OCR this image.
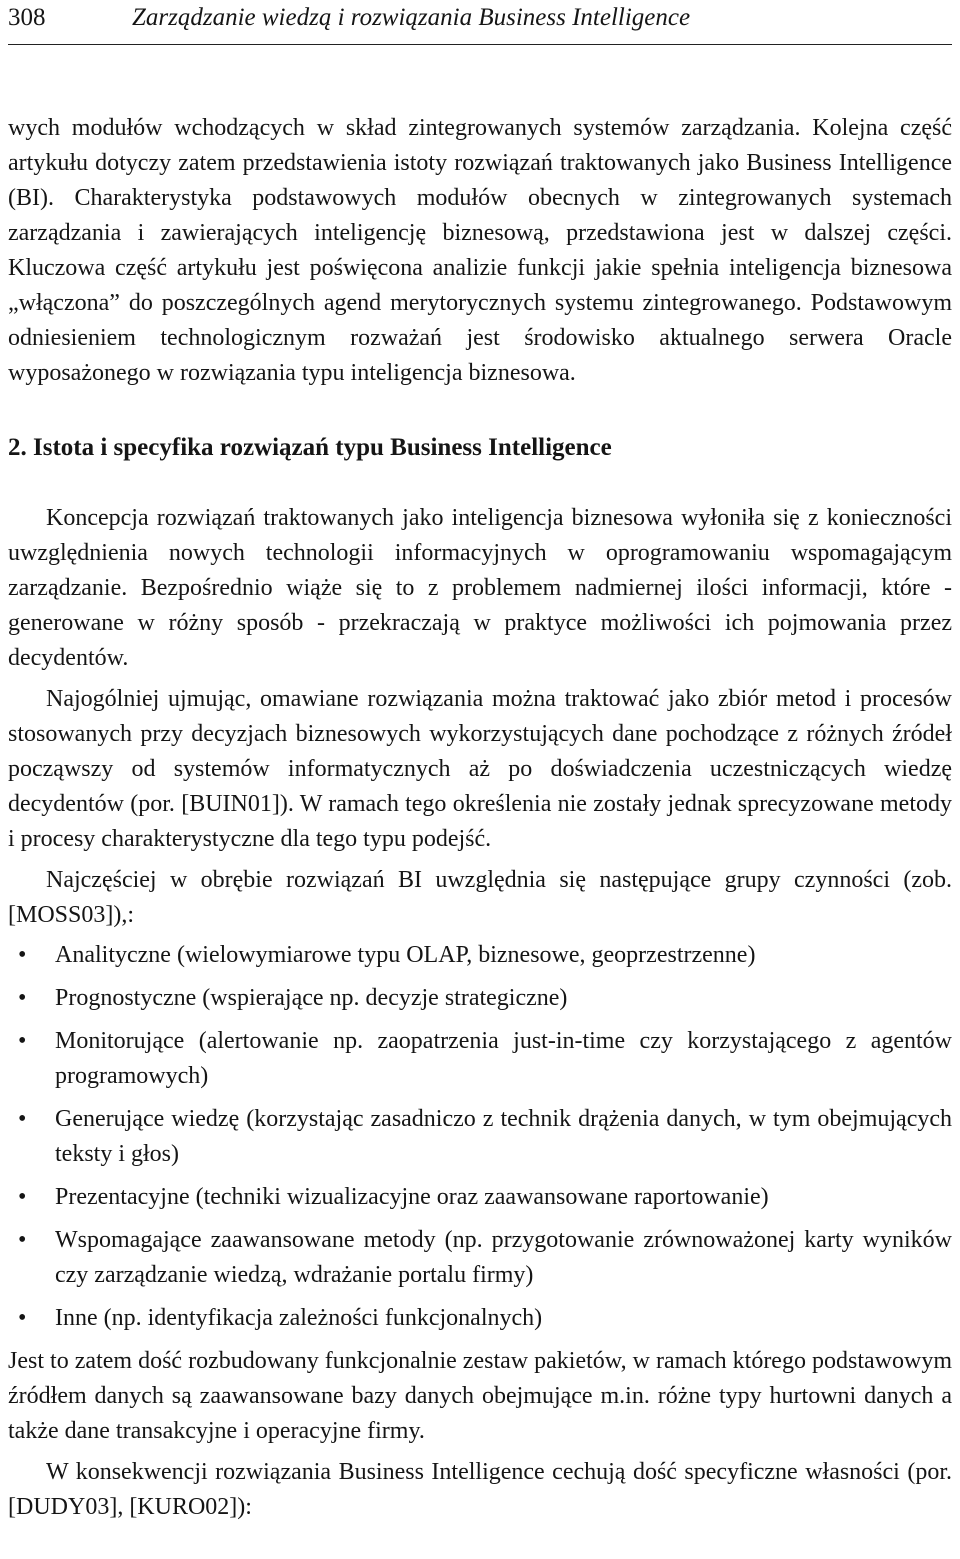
308	Zarządzanie wiedzą i rozwiązania Business Intelligence

wych modułów wchodzących w skład zintegrowanych systemów zarządzania. Kolejna część artykułu dotyczy zatem przedstawienia istoty rozwiązań traktowanych jako Business Intelligence (BI). Charakterystyka podstawowych modułów obecnych w zintegrowanych systemach zarządzania i zawierających inteligencję biznesową, przedstawiona jest w dalszej części. Kluczowa część artykułu jest poświęcona analizie funkcji jakie spełnia inteligencja biznesowa „włączona” do poszczególnych agend merytorycznych systemu zintegrowanego. Podstawowym odniesieniem technologicznym rozważań jest środowisko aktualnego serwera Oracle wyposażonego w rozwiązania typu inteligencja biznesowa.

2. Istota i specyfika rozwiązań typu Business Intelligence

Koncepcja rozwiązań traktowanych jako inteligencja biznesowa wyłoniła się z konieczności uwzględnienia nowych technologii informacyjnych w oprogramowaniu wspomagającym zarządzanie. Bezpośrednio wiąże się to z problemem nadmiernej ilości informacji, które - generowane w różny sposób - przekraczają w praktyce możliwości ich pojmowania przez decydentów.

Najogólniej ujmując, omawiane rozwiązania można traktować jako zbiór metod i procesów stosowanych przy decyzjach biznesowych wykorzystujących dane pochodzące z różnych źródeł począwszy od systemów informatycznych aż po doświadczenia uczestniczących wiedzę decydentów (por. [BUIN01]). W ramach tego określenia nie zostały jednak sprecyzowane metody i procesy charakterystyczne dla tego typu podejść.

Najczęściej w obrębie rozwiązań BI uwzględnia się następujące grupy czynności (zob. [MOSS03]),:

• Analityczne (wielowymiarowe typu OLAP, biznesowe, geoprzestrzenne)
• Prognostyczne (wspierające np. decyzje strategiczne)
• Monitorujące (alertowanie np. zaopatrzenia just-in-time czy korzystającego z agentów programowych)
• Generujące wiedzę (korzystając zasadniczo z technik drążenia danych, w tym obejmujących teksty i głos)
• Prezentacyjne (techniki wizualizacyjne oraz zaawansowane raportowanie)
• Wspomagające zaawansowane metody (np. przygotowanie zrównoważonej karty wyników czy zarządzanie wiedzą, wdrażanie portalu firmy)
• Inne (np. identyfikacja zależności funkcjonalnych)

Jest to zatem dość rozbudowany funkcjonalnie zestaw pakietów, w ramach którego podstawowym źródłem danych są zaawansowane bazy danych obejmujące m.in. różne typy hurtowni danych a także dane transakcyjne i operacyjne firmy.

W konsekwencji rozwiązania Business Intelligence cechują dość specyficzne własności (por. [DUDY03], [KURO02]):
